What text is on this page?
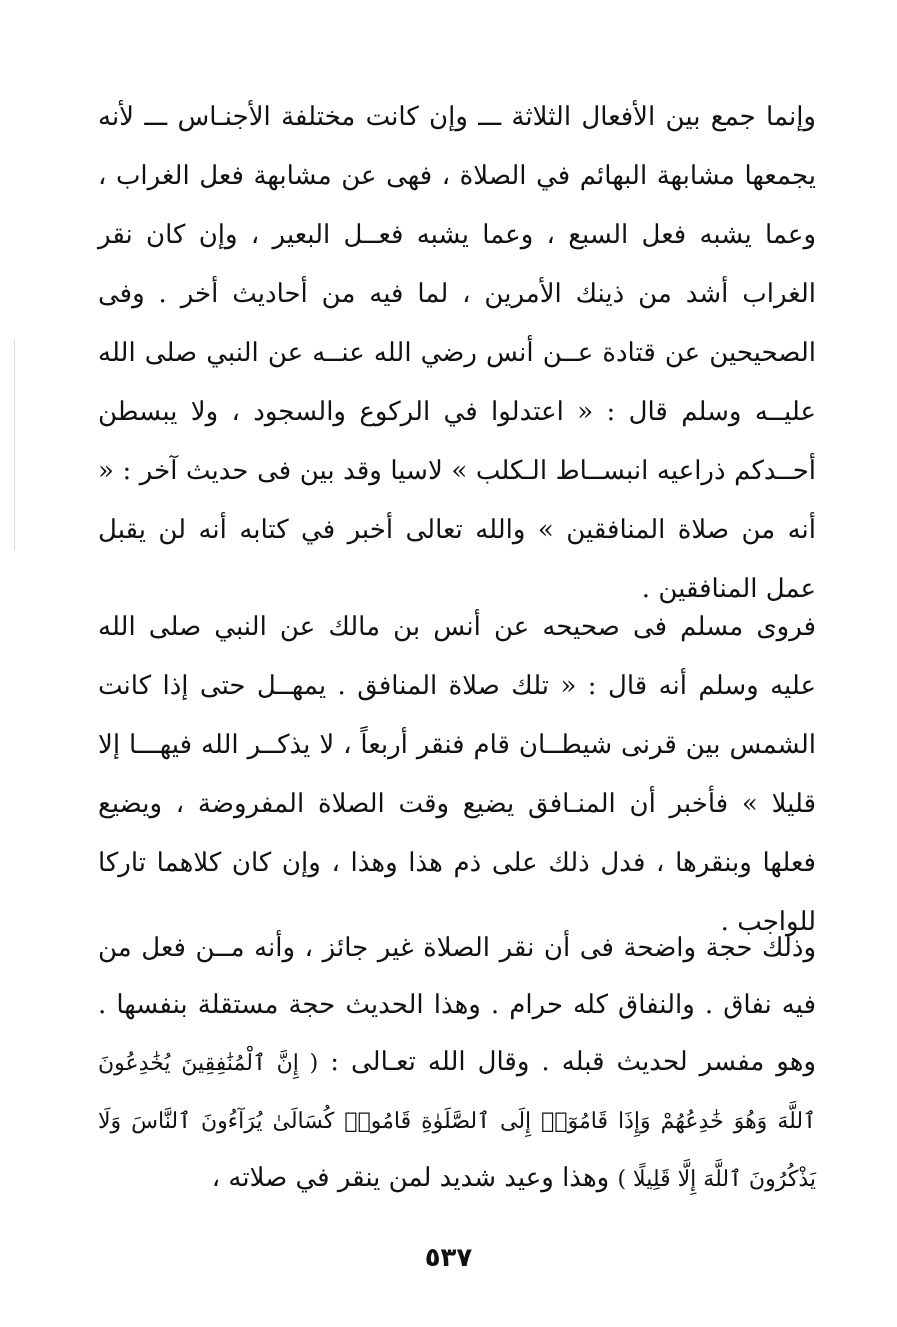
وإنما جمع بين الأفعال الثلاثة ـــ وإن كانت مختلفة الأجنـاس ـــ لأنه يجمعها مشابهة البهائم في الصلاة ، فهى عن مشابهة فعل الغراب ، وعما يشبه فعل السبع ، وعما يشبه فعــل البعير ، وإن كان نقر الغراب أشد من ذينك الأمرين ، لما فيه من أحاديث أخر . وفى الصحيحين عن قتادة عــن أنس رضي الله عنــه عن النبي صلى الله عليــه وسلم قال : « اعتدلوا في الركوع والسجود ، ولا يبسطن أحــدكم ذراعيه انبســاط الـكلب » لاسيا وقد بين فى حديث آخر : « أنه من صلاة المنافقين » والله تعالى أخبر في كتابه أنه لن يقبل عمل المنافقين .

فروى مسلم فى صحيحه عن أنس بن مالك عن النبي صلى الله عليه وسلم أنه قال : « تلك صلاة المنافق . يمهــل حتى إذا كانت الشمس بين قرنى شيطــان قام فنقر أربعاً ، لا يذكــر الله فيهـــا إلا قليلا » فأخبر أن المنـافق يضيع وقت الصلاة المفروضة ، ويضيع فعلها وبنقرها ، فدل ذلك على ذم هذا وهذا ، وإن كان كلاهما تاركا للواجب .

وذلك حجة واضحة فى أن نقر الصلاة غير جائز ، وأنه مــن فعل من فيه نفاق . والنفاق كله حرام . وهذا الحديث حجة مستقلة بنفسها . وهو مفسر لحديث قبله . وقال الله تعـالى : ( إِنَّ ٱلْمُنَٰفِقِينَ يُخَٰدِعُونَ ٱللَّهَ وَهُوَ خَٰدِعُهُمْ وَإِذَا قَامُوٓا۟ إِلَى ٱلصَّلَوٰةِ قَامُوا۟ كُسَالَىٰ يُرَآءُونَ ٱلنَّاسَ وَلَا يَذْكُرُونَ ٱللَّهَ إِلَّا قَلِيلًا ) وهذا وعيد شديد لمن ينقر في صلاته ،

٥٣٧
